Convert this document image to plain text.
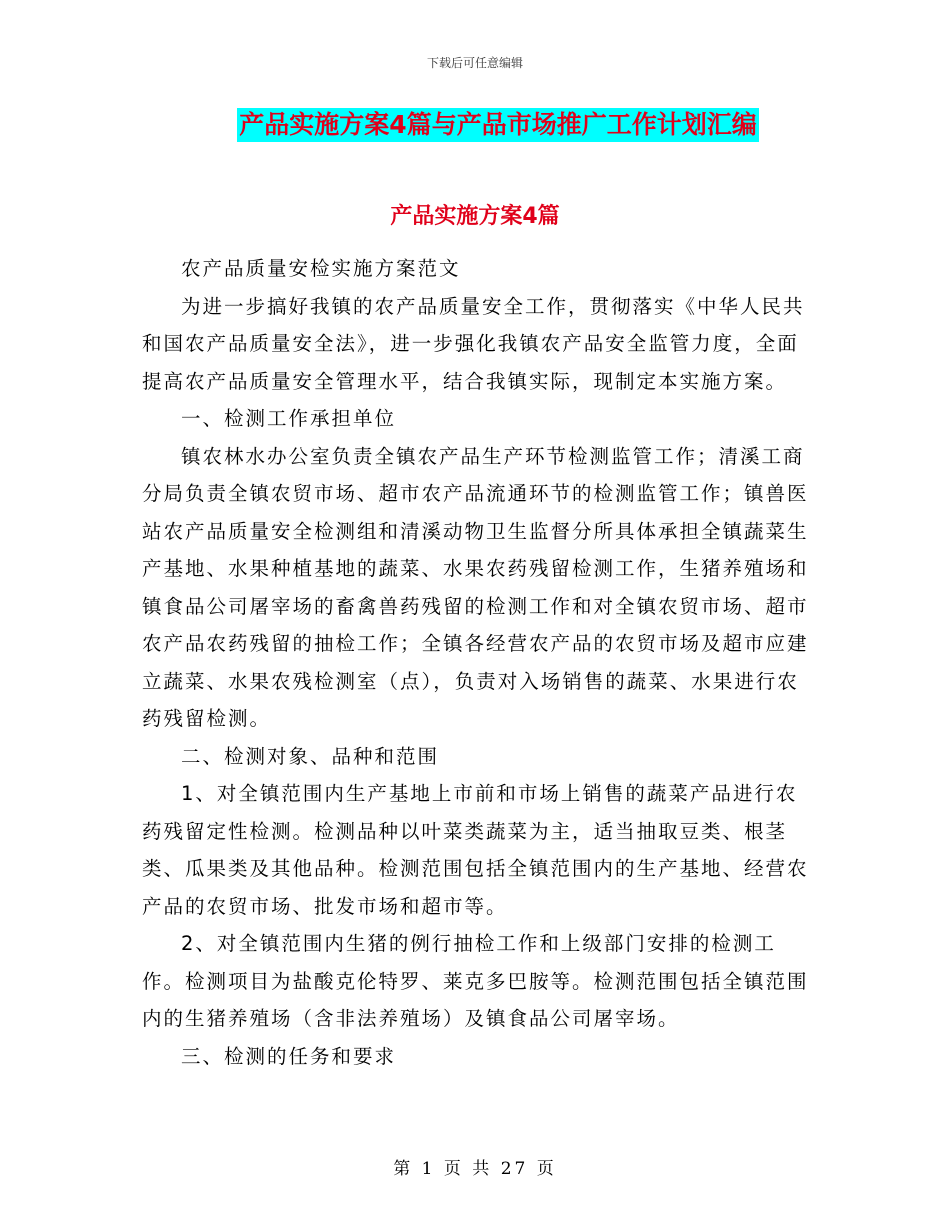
下载后可任意编辑
产品实施方案4篇与产品市场推广工作计划汇编
产品实施方案4篇

农产品质量安检实施方案范文

为进一步搞好我镇的农产品质量安全工作，贯彻落实《中华人民共和国农产品质量安全法》，进一步强化我镇农产品安全监管力度，全面提高农产品质量安全管理水平，结合我镇实际，现制定本实施方案。

一、检测工作承担单位

镇农林水办公室负责全镇农产品生产环节检测监管工作；清溪工商分局负责全镇农贸市场、超市农产品流通环节的检测监管工作；镇兽医站农产品质量安全检测组和清溪动物卫生监督分所具体承担全镇蔬菜生产基地、水果种植基地的蔬菜、水果农药残留检测工作，生猪养殖场和镇食品公司屠宰场的畜禽兽药残留的检测工作和对全镇农贸市场、超市农产品农药残留的抽检工作；全镇各经营农产品的农贸市场及超市应建立蔬菜、水果农残检测室（点），负责对入场销售的蔬菜、水果进行农药残留检测。

二、检测对象、品种和范围

1、对全镇范围内生产基地上市前和市场上销售的蔬菜产品进行农药残留定性检测。检测品种以叶菜类蔬菜为主，适当抽取豆类、根茎类、瓜果类及其他品种。检测范围包括全镇范围内的生产基地、经营农产品的农贸市场、批发市场和超市等。

2、对全镇范围内生猪的例行抽检工作和上级部门安排的检测工作。检测项目为盐酸克伦特罗、莱克多巴胺等。检测范围包括全镇范围内的生猪养殖场（含非法养殖场）及镇食品公司屠宰场。

三、检测的任务和要求

第 1 页 共 27 页
